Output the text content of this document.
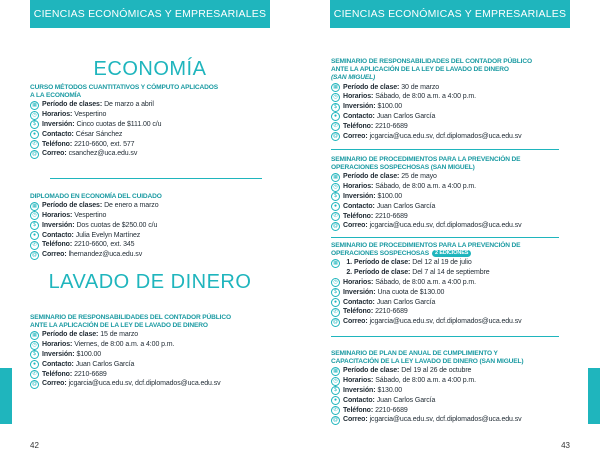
CIENCIAS ECONÓMICAS Y EMPRESARIALES
ECONOMÍA
CURSO MÉTODOS CUANTITATIVOS Y CÓMPUTO APLICADOS
A LA ECONOMÍA
▦ Período de clases: De marzo a abril
◷ Horarios: Vespertino
$ Inversión: Cinco cuotas de $111.00 c/u
● Contacto: César Sánchez
✆ Teléfono: 2210-6600, ext. 577
@ Correo: csanchez@uca.edu.sv
DIPLOMADO EN ECONOMÍA DEL CUIDADO
▦ Período de clases: De enero a marzo
◷ Horarios: Vespertino
$ Inversión: Dos cuotas de $250.00 c/u
● Contacto: Julia Evelyn Martínez
✆ Teléfono: 2210-6600, ext. 345
@ Correo: lhernandez@uca.edu.sv
LAVADO DE DINERO
SEMINARIO DE RESPONSABILIDADES DEL CONTADOR PÚBLICO
ANTE LA APLICACIÓN DE LA LEY DE LAVADO DE DINERO
▦ Período de clase: 15 de marzo
◷ Horarios: Viernes, de 8:00 a.m. a 4:00 p.m.
$ Inversión: $100.00
● Contacto: Juan Carlos García
✆ Teléfono: 2210-6689
@ Correo: jcgarcia@uca.edu.sv, dcf.diplomados@uca.edu.sv
42
CIENCIAS ECONÓMICAS Y EMPRESARIALES
SEMINARIO DE RESPONSABILIDADES DEL CONTADOR PÚBLICO
ANTE LA APLICACIÓN DE LA LEY DE LAVADO DE DINERO
(SAN MIGUEL)
▦ Período de clase: 30 de marzo
◷ Horarios: Sábado, de 8:00 a.m. a 4:00 p.m.
$ Inversión: $100.00
● Contacto: Juan Carlos García
✆ Teléfono: 2210-6689
@ Correo: jcgarcia@uca.edu.sv, dcf.diplomados@uca.edu.sv
SEMINARIO DE PROCEDIMIENTOS PARA LA PREVENCIÓN DE
OPERACIONES SOSPECHOSAS (SAN MIGUEL)
▦ Período de clase: 25 de mayo
◷ Horarios: Sábado, de 8:00 a.m. a 4:00 p.m.
$ Inversión: $100.00
● Contacto: Juan Carlos García
✆ Teléfono: 2210-6689
@ Correo: jcgarcia@uca.edu.sv, dcf.diplomados@uca.edu.sv
SEMINARIO DE PROCEDIMIENTOS PARA LA PREVENCIÓN DE
OPERACIONES SOSPECHOSAS 2 EDICIONES
▦	1. Período de clase: Del 12 al 19 de julio
2. Período de clase: Del 7 al 14 de septiembre
◷ Horarios: Sábado, de 8:00 a.m. a 4:00 p.m.
$ Inversión: Una cuota de $130.00
● Contacto: Juan Carlos García
✆ Teléfono: 2210-6689
@ Correo: jcgarcia@uca.edu.sv, dcf.diplomados@uca.edu.sv
SEMINARIO DE PLAN DE ANUAL DE CUMPLIMIENTO Y
CAPACITACIÓN DE LA LEY LAVADO DE DINERO (SAN MIGUEL)
▦ Período de clase: Del 19 al 26 de octubre
◷ Horarios: Sábado, de 8:00 a.m. a 4:00 p.m.
$ Inversión: $130.00
● Contacto: Juan Carlos García
✆ Teléfono: 2210-6689
@ Correo: jcgarcia@uca.edu.sv, dcf.diplomados@uca.edu.sv
43
